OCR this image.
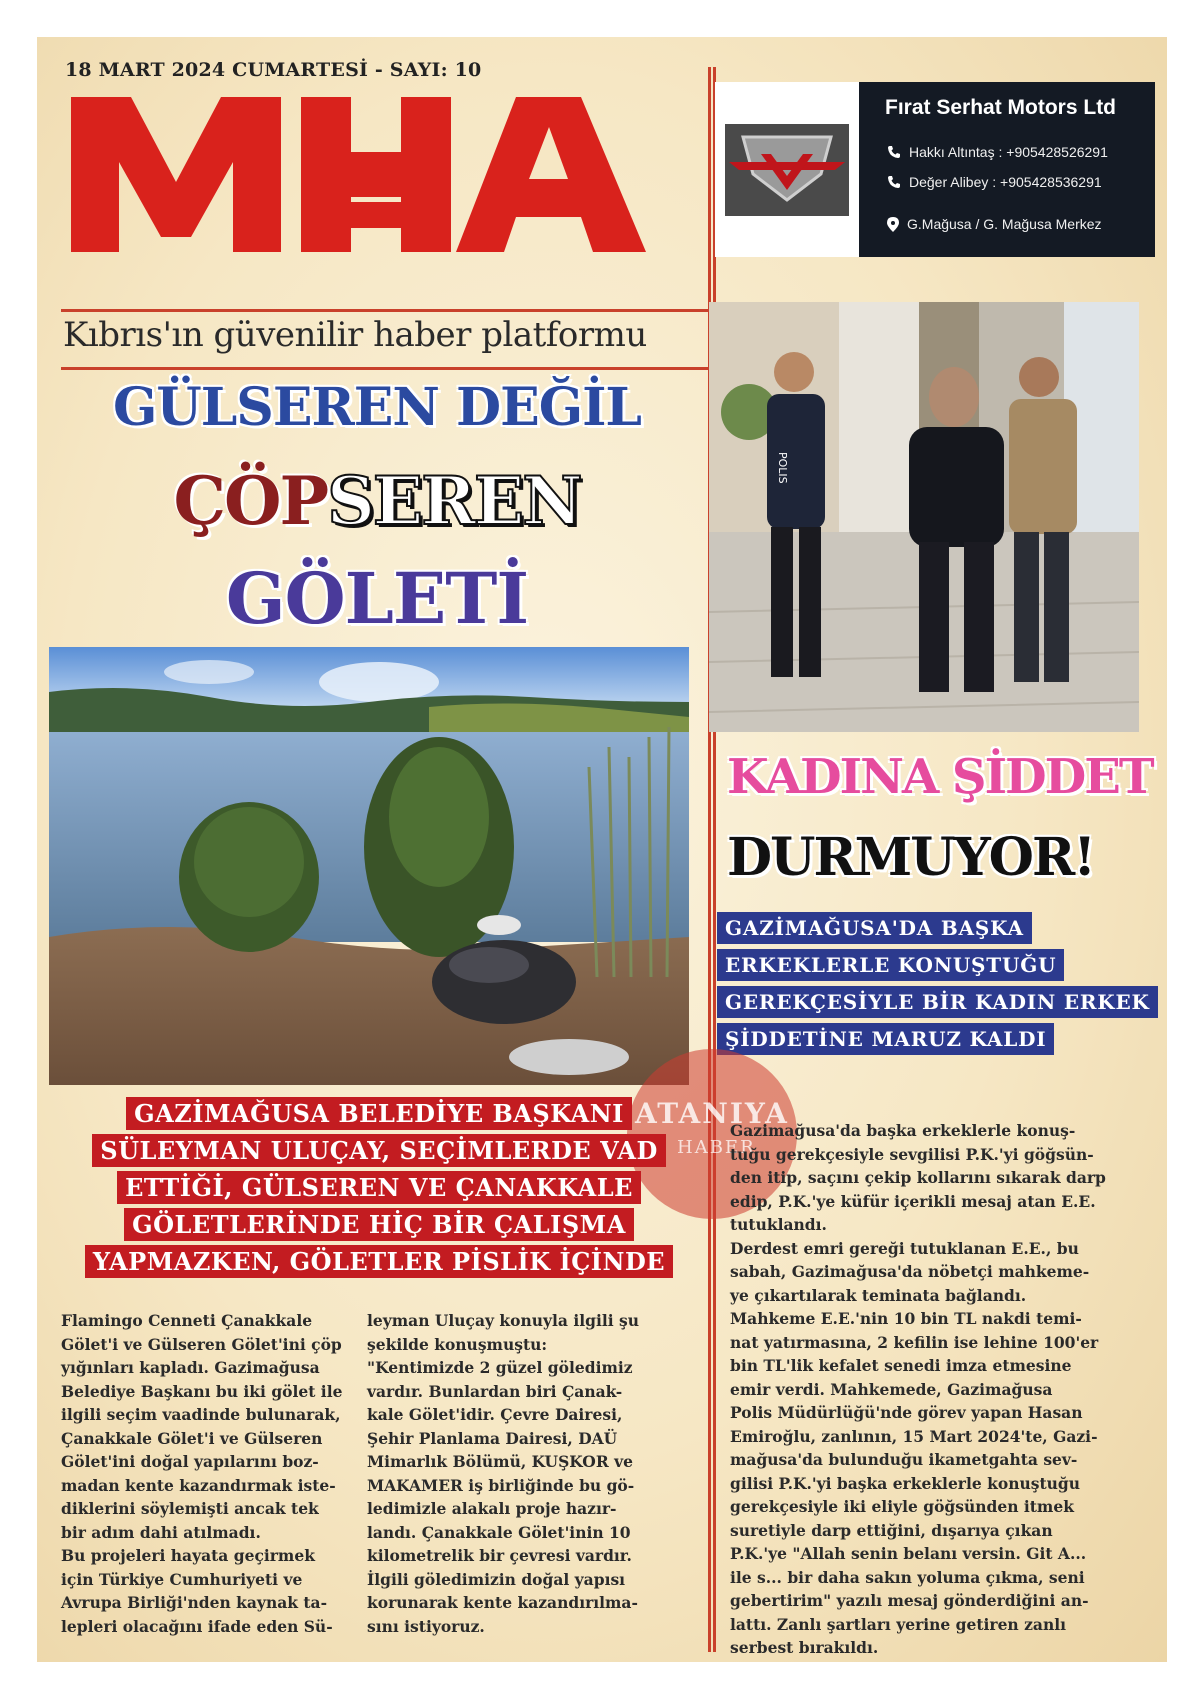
18 MART 2024 CUMARTESİ - SAYI: 10
Kıbrıs'ın güvenilir haber platformu
GÜLSEREN DEĞİL
ÇÖPSEREN
GÖLETİ
Fırat Serhat Motors Ltd
Hakkı Altıntaş : +905428526291
Değer Alibey : +905428536291
G.Mağusa / G. Mağusa Merkez
POLIS
KADINA ŞİDDET
DURMUYOR!
GAZİMAĞUSA'DA BAŞKA
ERKEKLERLE KONUŞTUĞU
GEREKÇESİYLE BİR KADIN ERKEK
ŞİDDETİNE MARUZ KALDI
ATANIYA
HABER
GAZİMAĞUSA BELEDİYE BAŞKANI
SÜLEYMAN ULUÇAY, SEÇİMLERDE VAD
ETTİĞİ, GÜLSEREN VE ÇANAKKALE
GÖLETLERİNDE HİÇ BİR ÇALIŞMA
YAPMAZKEN, GÖLETLER PİSLİK İÇİNDE

Flamingo Cenneti Çanakkale

Gölet'i ve Gülseren Gölet'ini çöp

yığınları kapladı. Gazimağusa

Belediye Başkanı bu iki gölet ile

ilgili seçim vaadinde bulunarak,

Çanakkale Gölet'i ve Gülseren

Gölet'ini doğal yapılarını boz-

madan kente kazandırmak iste-

diklerini söylemişti ancak tek

bir adım dahi atılmadı.

Bu projeleri hayata geçirmek

için Türkiye Cumhuriyeti ve

Avrupa Birliği'nden kaynak ta-

lepleri olacağını ifade eden Sü-

leyman Uluçay konuyla ilgili şu

şekilde konuşmuştu:

"Kentimizde 2 güzel göledimiz

vardır. Bunlardan biri Çanak-

kale Gölet'idir. Çevre Dairesi,

Şehir Planlama Dairesi, DAÜ

Mimarlık Bölümü, KUŞKOR ve

MAKAMER iş birliğinde bu gö-

ledimizle alakalı proje hazır-

landı. Çanakkale Gölet'inin 10

kilometrelik bir çevresi vardır.

İlgili göledimizin doğal yapısı

korunarak kente kazandırılma-

sını istiyoruz.

Gazimağusa'da başka erkeklerle konuş-

tuğu gerekçesiyle sevgilisi P.K.'yi göğsün-

den itip, saçını çekip kollarını sıkarak darp

edip, P.K.'ye küfür içerikli mesaj atan E.E.

tutuklandı.

Derdest emri gereği tutuklanan E.E., bu

sabah, Gazimağusa'da nöbetçi mahkeme-

ye çıkartılarak teminata bağlandı.

Mahkeme E.E.'nin 10 bin TL nakdi temi-

nat yatırmasına, 2 kefilin ise lehine 100'er

bin TL'lik kefalet senedi imza etmesine

emir verdi. Mahkemede, Gazimağusa

Polis Müdürlüğü'nde görev yapan Hasan

Emiroğlu, zanlının, 15 Mart 2024'te, Gazi-

mağusa'da bulunduğu ikametgahta sev-

gilisi P.K.'yi başka erkeklerle konuştuğu

gerekçesiyle iki eliyle göğsünden itmek

suretiyle darp ettiğini, dışarıya çıkan

P.K.'ye "Allah senin belanı versin. Git A...

ile s... bir daha sakın yoluma çıkma, seni

gebertirim" yazılı mesaj gönderdiğini an-

lattı. Zanlı şartları yerine getiren zanlı

serbest bırakıldı.
